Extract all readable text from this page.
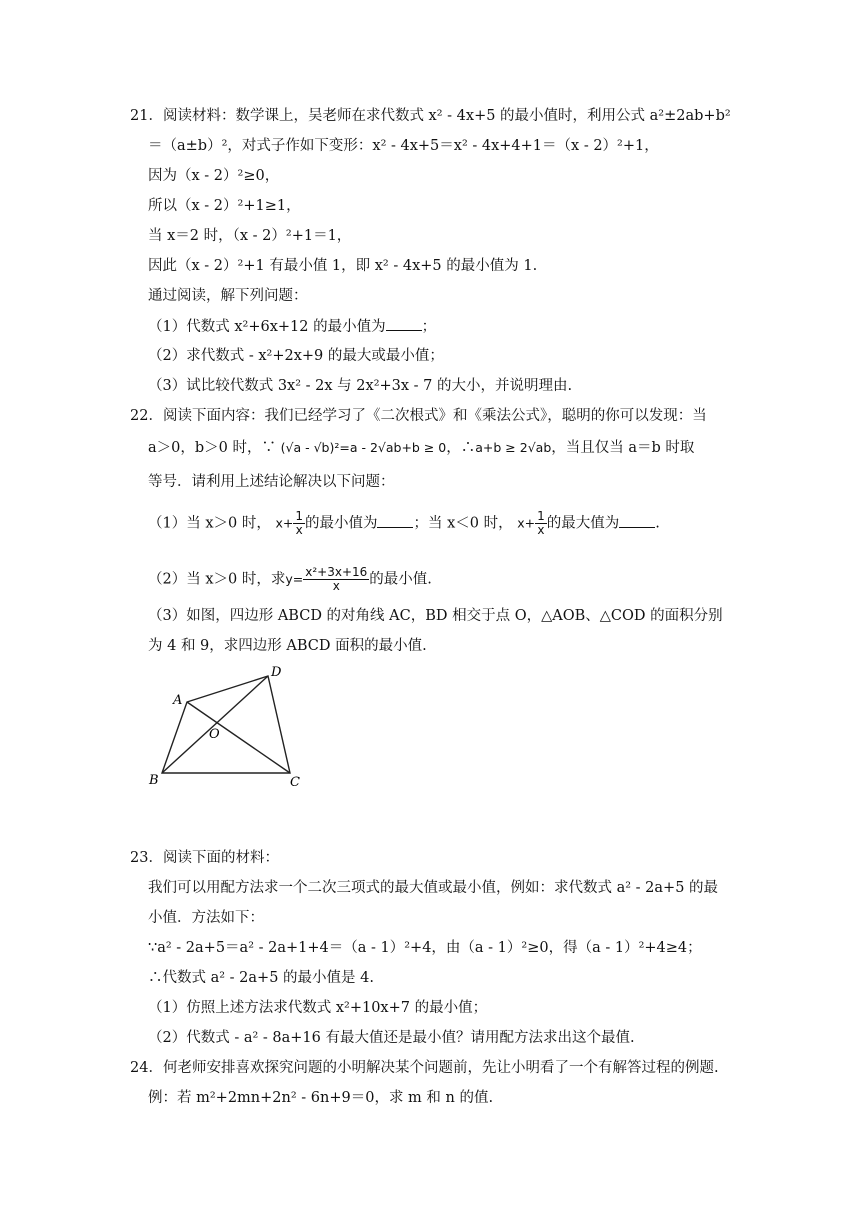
21．阅读材料：数学课上，吴老师在求代数式 x² - 4x+5 的最小值时，利用公式 a²±2ab+b²
＝（a±b）²，对式子作如下变形：x² - 4x+5＝x² - 4x+4+1＝（x - 2）²+1，
因为（x - 2）²≥0，
所以（x - 2）²+1≥1，
当 x＝2 时，（x - 2）²+1＝1，
因此（x - 2）²+1 有最小值 1，即 x² - 4x+5 的最小值为 1.
通过阅读，解下列问题：
（1）代数式 x²+6x+12 的最小值为 ；
（2）求代数式 - x²+2x+9 的最大或最小值；
（3）试比较代数式 3x² - 2x 与 2x²+3x - 7 的大小，并说明理由.
22．阅读下面内容：我们已经学习了《二次根式》和《乘法公式》，聪明的你可以发现：当
a＞0，b＞0 时，∵ (√a - √b)²=a - 2√ab+b ≥ 0，∴a+b ≥ 2√ab，当且仅当 a＝b 时取
等号．请利用上述结论解决以下问题：
（1）当 x＞0 时， $x+ \frac{1}{x}$ 的最小值为 ；当 x＜0 时， $x+ \frac{1}{x}$ 的最大值为 .
（2）当 x＞0 时，求$y= \frac{\text{x²+3x+16}}{x}$ 的最小值.
（3）如图，四边形 ABCD 的对角线 AC，BD 相交于点 O，△AOB、△COD 的面积分别
为 4 和 9，求四边形 ABCD 面积的最小值.
A
D
B	C
O
23．阅读下面的材料：
我们可以用配方法求一个二次三项式的最大值或最小值，例如：求代数式 a² - 2a+5 的最
小值．方法如下：
∵a² - 2a+5＝a² - 2a+1+4＝（a - 1）²+4，由（a - 1）²≥0，得（a - 1）²+4≥4；
∴代数式 a² - 2a+5 的最小值是 4.
（1）仿照上述方法求代数式 x²+10x+7 的最小值；
（2）代数式 - a² - 8a+16 有最大值还是最小值？请用配方法求出这个最值.
24．何老师安排喜欢探究问题的小明解决某个问题前，先让小明看了一个有解答过程的例题.
例：若 m²+2mn+2n² - 6n+9＝0，求 m 和 n 的值.
